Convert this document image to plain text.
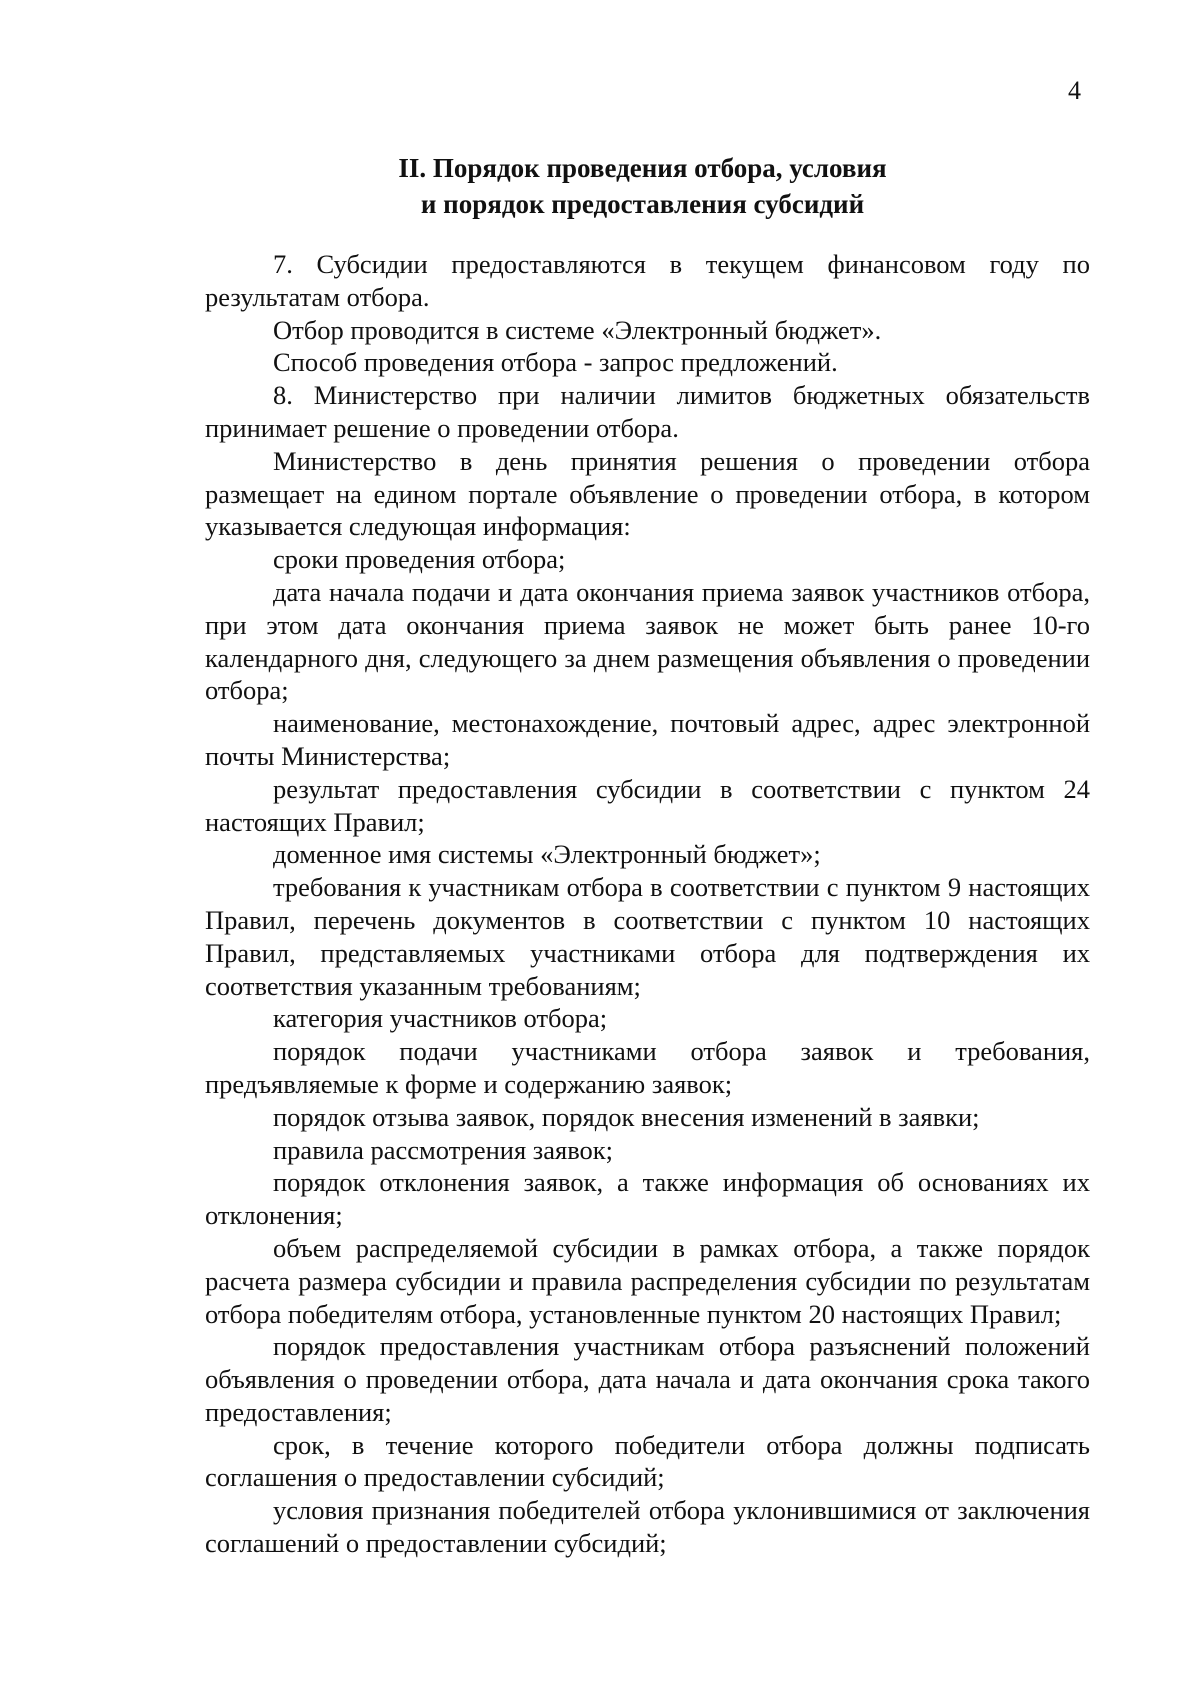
4
II. Порядок проведения отбора, условия
и порядок предоставления субсидий

7. Субсидии предоставляются в текущем финансовом году по результатам отбора.

Отбор проводится в системе «Электронный бюджет».

Способ проведения отбора - запрос предложений.

8. Министерство при наличии лимитов бюджетных обязательств принимает решение о проведении отбора.

Министерство в день принятия решения о проведении отбора размещает на едином портале объявление о проведении отбора, в котором указывается следующая информация:

сроки проведения отбора;

дата начала подачи и дата окончания приема заявок участников отбора, при этом дата окончания приема заявок не может быть ранее 10-го календарного дня, следующего за днем размещения объявления о проведении отбора;

наименование, местонахождение, почтовый адрес, адрес электронной почты Министерства;

результат предоставления субсидии в соответствии с пунктом 24 настоящих Правил;

доменное имя системы «Электронный бюджет»;

требования к участникам отбора в соответствии с пунктом 9 настоящих Правил, перечень документов в соответствии с пунктом 10 настоящих Правил, представляемых участниками отбора для подтверждения их соответствия указанным требованиям;

категория участников отбора;

порядок подачи участниками отбора заявок и требования, предъявляемые к форме и содержанию заявок;

порядок отзыва заявок, порядок внесения изменений в заявки;

правила рассмотрения заявок;

порядок отклонения заявок, а также информация об основаниях их отклонения;

объем распределяемой субсидии в рамках отбора, а также порядок расчета размера субсидии и правила распределения субсидии по результатам отбора победителям отбора, установленные пунктом 20 настоящих Правил;

порядок предоставления участникам отбора разъяснений положений объявления о проведении отбора, дата начала и дата окончания срока такого предоставления;

срок, в течение которого победители отбора должны подписать соглашения о предоставлении субсидий;

условия признания победителей отбора уклонившимися от заключения соглашений о предоставлении субсидий;
